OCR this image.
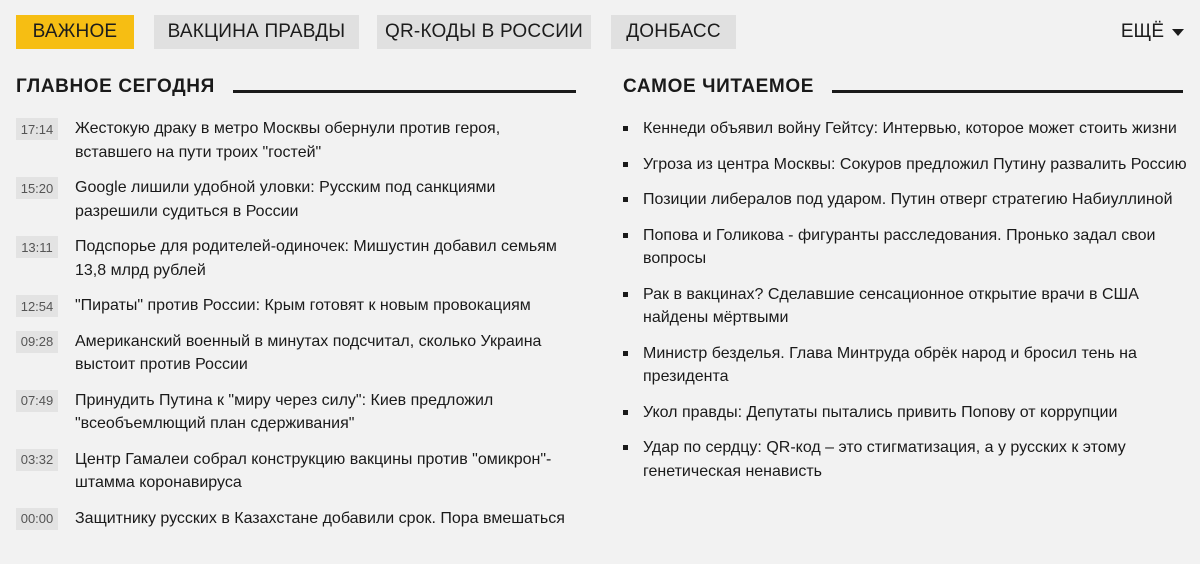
ВАЖНОЕ	ВАКЦИНА ПРАВДЫ	QR-КОДЫ В РОССИИ	ДОНБАСС	ЕЩЁ
ГЛАВНОЕ СЕГОДНЯ	САМОЕ ЧИТАЕМОЕ
17:14 Жестокую драку в метро Москвы обернули против героя, вставшего на пути троих "гостей"
15:20 Google лишили удобной уловки: Русским под санкциями разрешили судиться в России
13:11	Подспорье для родителей-одиночек: Мишустин добавил семьям 13,8 млрд рублей
12:54 "Пираты" против России: Крым готовят к новым провокациям
09:28 Американский военный в минутах подсчитал, сколько Украина выстоит против России
07:49 Принудить Путина к "миру через силу": Киев предложил "всеобъемлющий план сдерживания"
03:32 Центр Гамалеи собрал конструкцию вакцины против "омикрон"-штамма коронавируса
00:00 Защитнику русских в Казахстане добавили срок. Пора вмешаться
Кеннеди объявил войну Гейтсу: Интервью, которое может стоить жизни
Угроза из центра Москвы: Сокуров предложил Путину развалить Россию
Позиции либералов под ударом. Путин отверг стратегию Набиуллиной
Попова и Голикова - фигуранты расследования. Пронько задал свои вопросы
Рак в вакцинах? Сделавшие сенсационное открытие врачи в США найдены мёртвыми
Министр безделья. Глава Минтруда обрёк народ и бросил тень на президента
Укол правды: Депутаты пытались привить Попову от коррупции
Удар по сердцу: QR-код – это стигматизация, а у русских к этому генетическая ненависть
